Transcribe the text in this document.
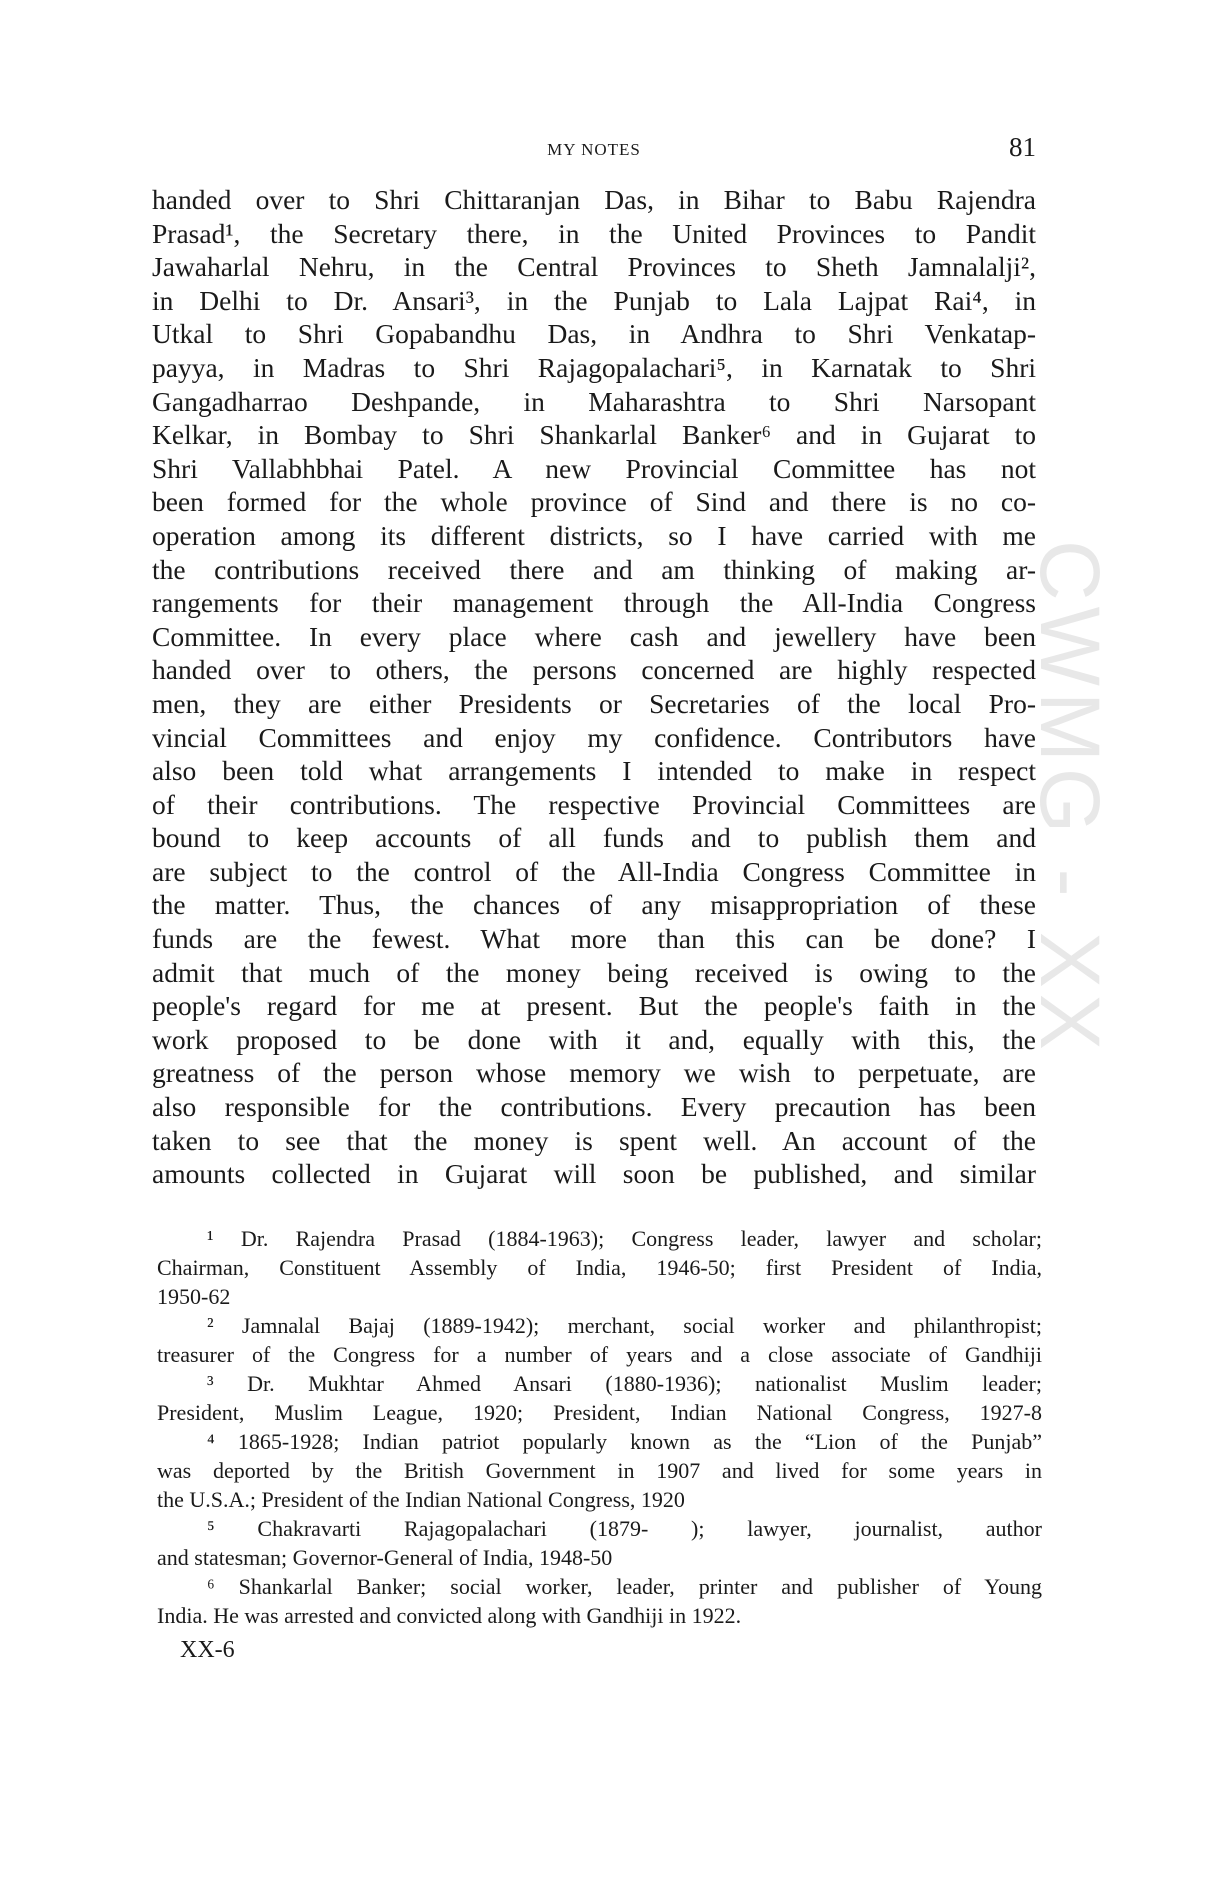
MY NOTES	81
handed over to Shri Chittaranjan Das, in Bihar to Babu Rajendra
Prasad¹, the Secretary there, in the United Provinces to Pandit
Jawaharlal Nehru, in the Central Provinces to Sheth Jamnalalji²,
in Delhi to Dr. Ansari³, in the Punjab to Lala Lajpat Rai⁴, in
Utkal to Shri Gopabandhu Das, in Andhra to Shri Venkatap-
payya, in Madras to Shri Rajagopalachari⁵, in Karnatak to Shri
Gangadharrao Deshpande, in Maharashtra to Shri Narsopant
Kelkar, in Bombay to Shri Shankarlal Banker⁶ and in Gujarat to
Shri Vallabhbhai Patel. A new Provincial Committee has not
been formed for the whole province of Sind and there is no co-
operation among its different districts, so I have carried with me
the contributions received there and am thinking of making ar-
rangements for their management through the All-India Congress
Committee. In every place where cash and jewellery have been
handed over to others, the persons concerned are highly respected
men, they are either Presidents or Secretaries of the local Pro-
vincial Committees and enjoy my confidence. Contributors have
also been told what arrangements I intended to make in respect
of their contributions. The respective Provincial Committees are
bound to keep accounts of all funds and to publish them and
are subject to the control of the All-India Congress Committee in
the matter. Thus, the chances of any misappropriation of these
funds are the fewest. What more than this can be done? I
admit that much of the money being received is owing to the
people's regard for me at present. But the people's faith in the
work proposed to be done with it and, equally with this, the
greatness of the person whose memory we wish to perpetuate, are
also responsible for the contributions. Every precaution has been
taken to see that the money is spent well. An account of the
amounts collected in Gujarat will soon be published, and similar
¹ Dr. Rajendra Prasad (1884-1963); Congress leader, lawyer and scholar;
Chairman, Constituent Assembly of India, 1946-50; first President of India,
1950-62
² Jamnalal Bajaj (1889-1942); merchant, social worker and philanthropist;
treasurer of the Congress for a number of years and a close associate of Gandhiji
³ Dr. Mukhtar Ahmed Ansari (1880-1936); nationalist Muslim leader;
President, Muslim League, 1920; President, Indian National Congress, 1927-8
⁴ 1865-1928; Indian patriot popularly known as the “Lion of the Punjab”
was deported by the British Government in 1907 and lived for some years in
the U.S.A.; President of the Indian National Congress, 1920
⁵ Chakravarti Rajagopalachari (1879- ); lawyer, journalist, author
and statesman; Governor-General of India, 1948-50
⁶ Shankarlal Banker; social worker, leader, printer and publisher of Young
India. He was arrested and convicted along with Gandhiji in 1922.
XX-6
CWMG - XX
